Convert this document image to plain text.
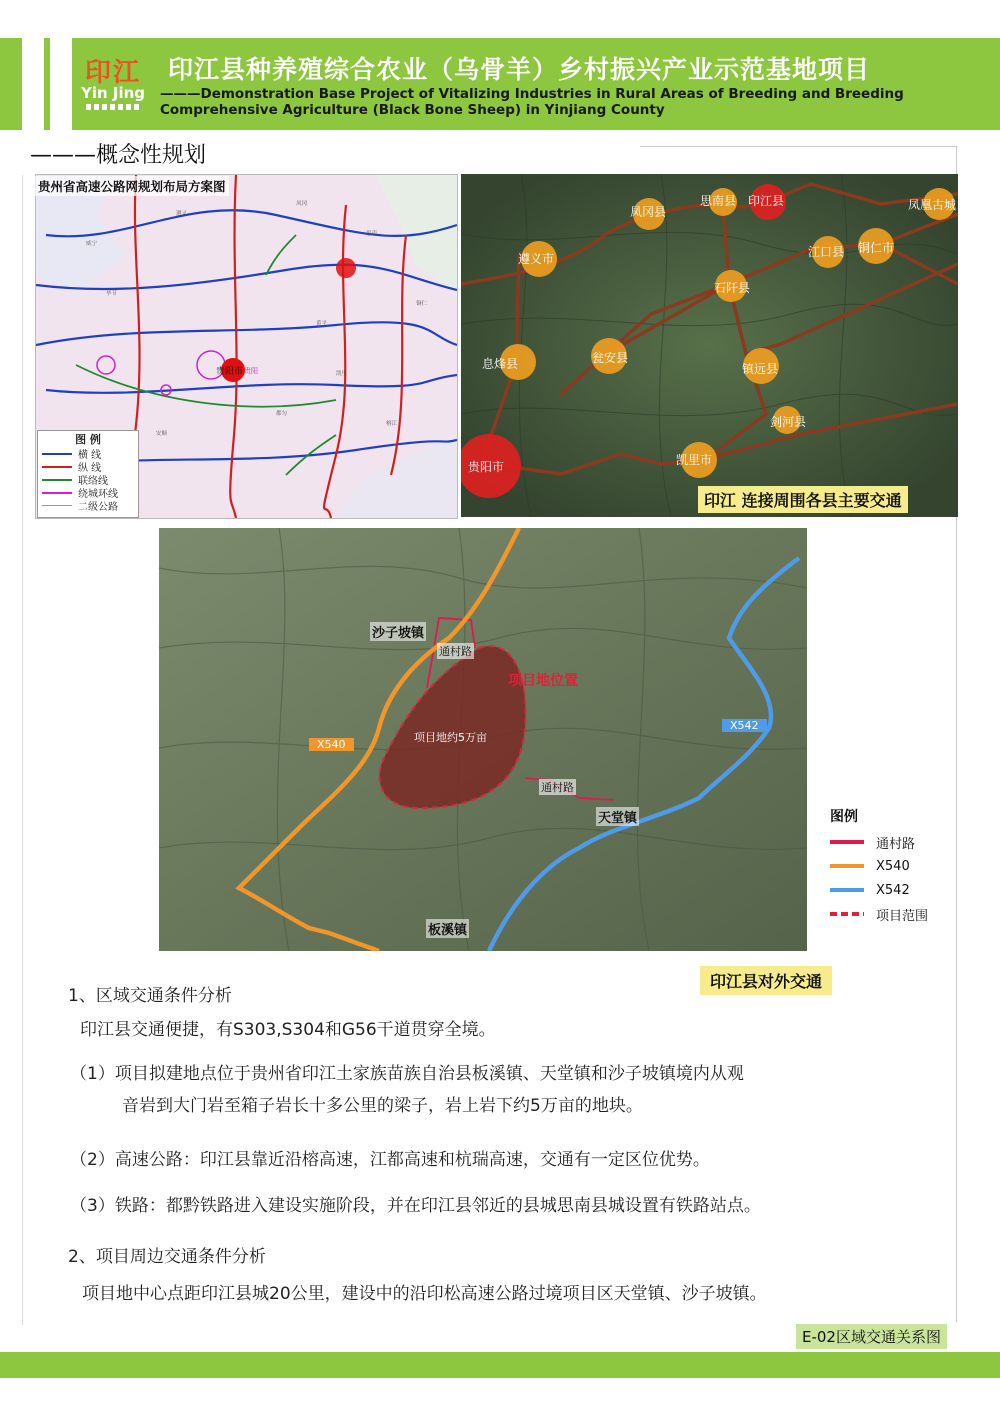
印江
Yin Jing
印江县种养殖综合农业（乌骨羊）乡村振兴产业示范基地项目
———Demonstration Base Project of Vitalizing Industries in Rural Areas of Breeding and Breeding Comprehensive Agriculture (Black Bone Sheep) in Yinjiang County
———概念性规划
遵义
凤冈
毕节
黄平
凯里
都匀
安顺
榕江
铜仁
思南
威宁
贵阳
贵州省高速公路网规划布局方案图
贵阳市
图 例
横 线
纵 线
联络线
绕城环线
二级公路
凤冈县
思南县 印江县	凤凰古城
遵义市	江口县 铜仁市
石阡县
息烽县	瓮安县
镇远县
剑河县
贵阳市	凯里市
印江 连接周围各县主要交通
沙子坡镇
天堂镇
板溪镇
通村路
通村路
X540
X542
项目地位置
项目地约5万亩
图例
通村路
X540
X542
项目范围
印江县对外交通
1、区域交通条件分析
印江县交通便捷，有S303,S304和G56干道贯穿全境。
（1）项目拟建地点位于贵州省印江土家族苗族自治县板溪镇、天堂镇和沙子坡镇境内从观
音岩到大门岩至箱子岩长十多公里的梁子，岩上岩下约5万亩的地块。
（2）高速公路：印江县靠近沿榕高速，江都高速和杭瑞高速，交通有一定区位优势。
（3）铁路：都黔铁路进入建设实施阶段，并在印江县邻近的县城思南县城设置有铁路站点。
2、项目周边交通条件分析
项目地中心点距印江县城20公里，建设中的沿印松高速公路过境项目区天堂镇、沙子坡镇。
E-02区域交通关系图
